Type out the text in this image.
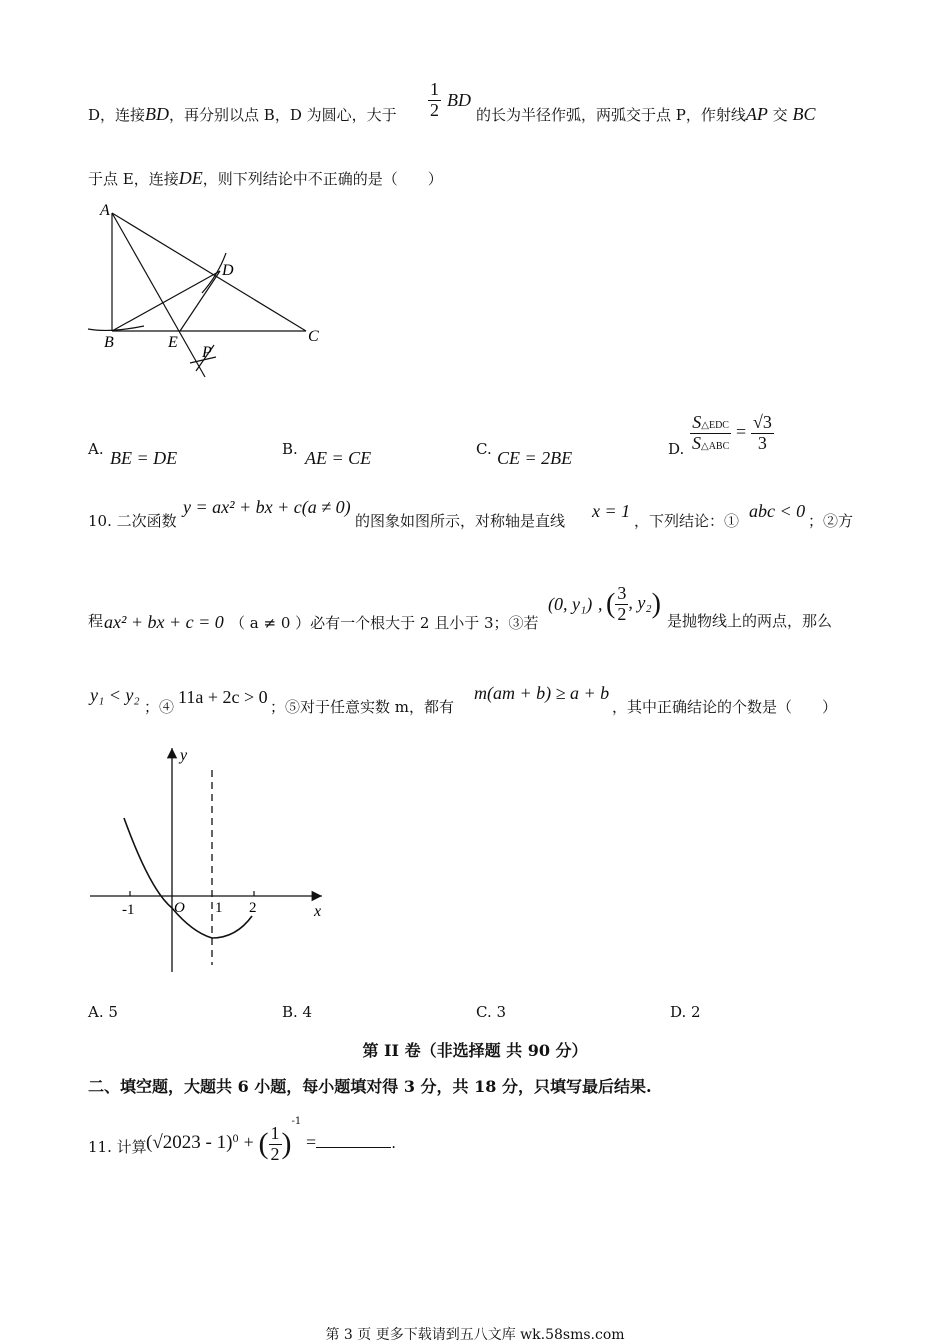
D，连接BD，再分别以点 B，D 为圆心，大于 $\frac{1}{2}$ BD
的长为半径作弧，两弧交于点 P，作射线AP 交 BC
于点 E，连接DE，则下列结论中不正确的是（　　）
A
B	C
D
E
P
A. BE = DE	B. AE = CE	C. CE = 2BE	D. $\frac{\text{S△EDC}}{\text{S△ABC}} = \frac{√3}{3}$
10. 二次函数
y = ax² + bx + c(a ≠ 0)
的图象如图所示，对称轴是直线 x = 1 ，下列结论：① abc < 0 ；②方
程 ax² + bx + c = 0 （ a ≠ 0 ）必有一个根大于 2 且小于 3；③若
(0, y₁) , ( $\frac{3}{2}$ , y₂)
是抛物线上的两点，那么
y₁ < y₂
；④ 11a + 2c > 0 ；⑤对于任意实数 m，都有
m(am + b) ≥ a + b
，其中正确结论的个数是（　　）
y
x
O
-1	1 2
A. 5	B. 4	C. 3	D. 2
第 II 卷（非选择题 共 90 分）
二、填空题，大题共 6 小题，每小题填对得 3 分，共 18 分，只填写最后结果.
11. 计算 (√2023 - 1)$^0$ + ( $\frac{1}{2} )^{-1}$ =	.
第 3 页 更多下载请到五八文库 wk.58sms.com
